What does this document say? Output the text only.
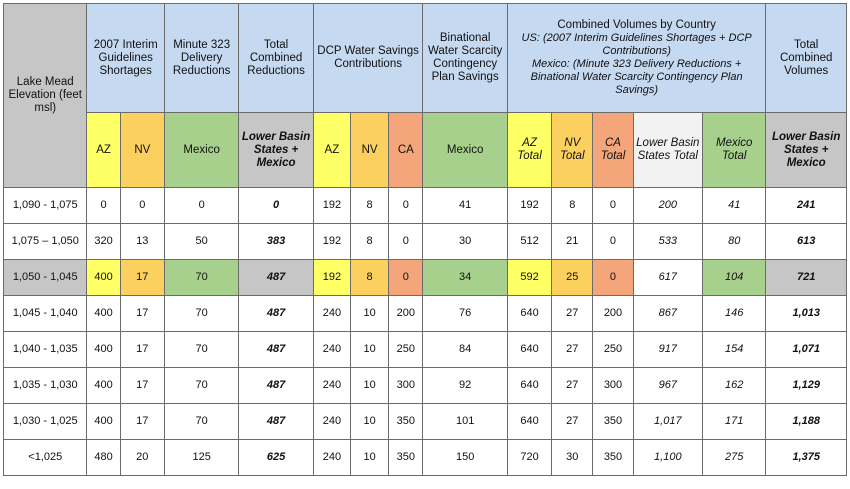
Lake Mead Elevation (feet msl)	2007 Interim Guidelines Shortages		Minute 323 Delivery Reductions	Total Combined Reductions	DCP Water Savings Contributions			Binational Water Scarcity Contingency Plan Savings	Combined Volumes by Country
US: (2007 Interim Guidelines Shortages + DCP Contributions)
Mexico: (Minute 323 Delivery Reductions + Binational Water Scarcity Contingency Plan Savings)					Total Combined Volumes
	AZ	NV	Mexico	Lower Basin States + Mexico	AZ	NV	CA	Mexico	AZ Total	NV Total	CA Total	Lower Basin States Total	Mexico Total	Lower Basin States + Mexico
1,090 - 1,075	0	0	0	0	192	8	0	41	192	8	0	200	41	241
1,075 – 1,050	320	13	50	383	192	8	0	30	512	21	0	533	80	613
1,050 - 1,045	400	17	70	487	192	8	0	34	592	25	0	617	104	721
1,045 - 1,040	400	17	70	487	240	10	200	76	640	27	200	867	146	1,013
1,040 - 1,035	400	17	70	487	240	10	250	84	640	27	250	917	154	1,071
1,035 - 1,030	400	17	70	487	240	10	300	92	640	27	300	967	162	1,129
1,030 - 1,025	400	17	70	487	240	10	350	101	640	27	350	1,017	171	1,188
<1,025	480	20	125	625	240	10	350	150	720	30	350	1,100	275	1,375
